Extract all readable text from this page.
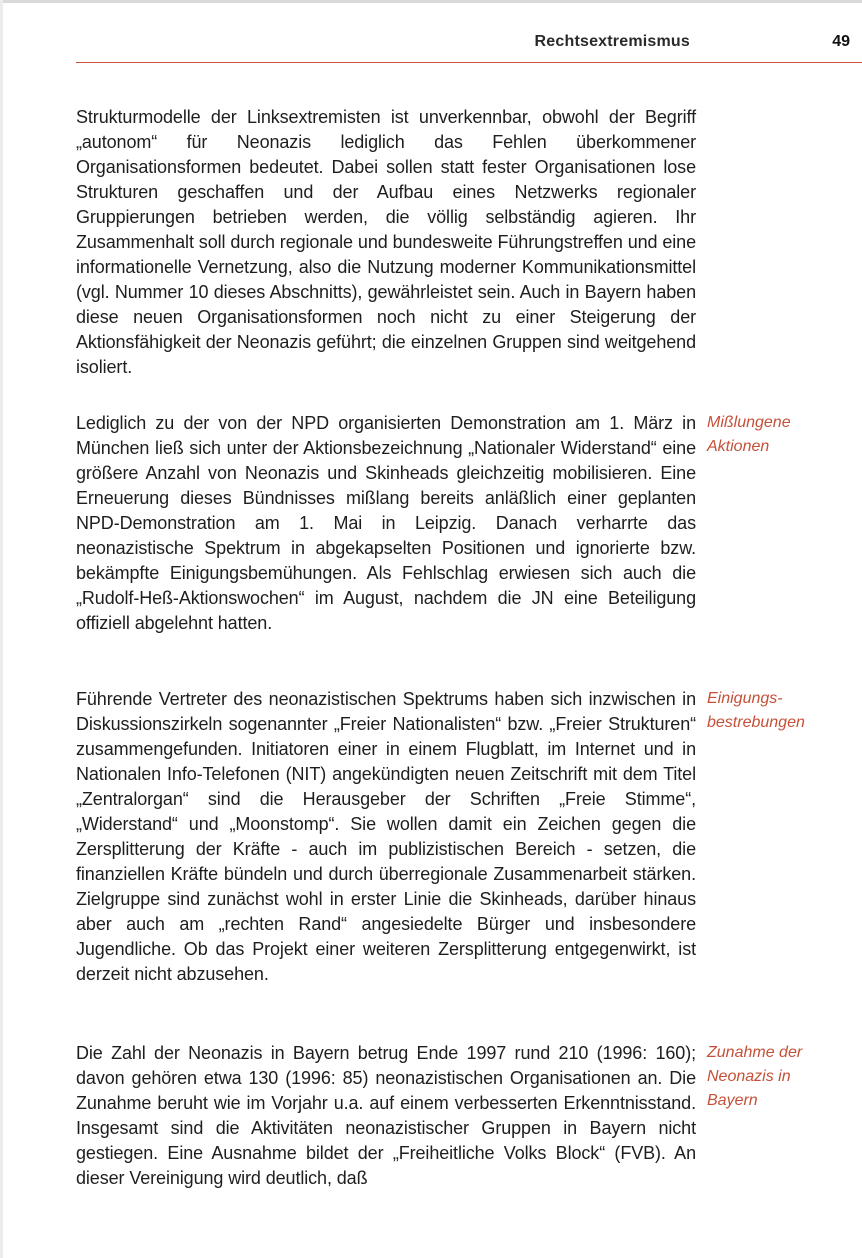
Rechtsextremismus	49

Strukturmodelle der Linksextremisten ist unverkennbar, obwohl der Begriff „autonom“ für Neonazis lediglich das Fehlen überkommener Organisationsformen bedeutet. Dabei sollen statt fester Organisationen lose Strukturen geschaffen und der Aufbau eines Netzwerks regionaler Gruppierungen betrieben werden, die völlig selbständig agieren. Ihr Zusammenhalt soll durch regionale und bundesweite Führungstreffen und eine informationelle Vernetzung, also die Nutzung moderner Kommunikationsmittel (vgl. Nummer 10 dieses Abschnitts), gewährleistet sein. Auch in Bayern haben diese neuen Organisationsformen noch nicht zu einer Steigerung der Aktionsfähigkeit der Neonazis geführt; die einzelnen Gruppen sind weitgehend isoliert.

Lediglich zu der von der NPD organisierten Demonstration am 1. März in München ließ sich unter der Aktionsbezeichnung „Nationaler Widerstand“ eine größere Anzahl von Neonazis und Skinheads gleichzeitig mobilisieren. Eine Erneuerung dieses Bündnisses mißlang bereits anläßlich einer geplanten NPD-Demonstration am 1. Mai in Leipzig. Danach verharrte das neonazistische Spektrum in abgekapselten Positionen und ignorierte bzw. bekämpfte Einigungsbemühungen. Als Fehlschlag erwiesen sich auch die „Rudolf-Heß-Aktionswochen“ im August, nachdem die JN eine Beteiligung offiziell abgelehnt hatten.

Mißlungene
Aktionen

Führende Vertreter des neonazistischen Spektrums haben sich inzwischen in Diskussionszirkeln sogenannter „Freier Nationalisten“ bzw. „Freier Strukturen“ zusammengefunden. Initiatoren einer in einem Flugblatt, im Internet und in Nationalen Info-Telefonen (NIT) angekündigten neuen Zeitschrift mit dem Titel „Zentralorgan“ sind die Herausgeber der Schriften „Freie Stimme“, „Widerstand“ und „Moonstomp“. Sie wollen damit ein Zeichen gegen die Zersplitterung der Kräfte - auch im publizistischen Bereich - setzen, die finanziellen Kräfte bündeln und durch überregionale Zusammenarbeit stärken. Zielgruppe sind zunächst wohl in erster Linie die Skinheads, darüber hinaus aber auch am „rechten Rand“ angesiedelte Bürger und insbesondere Jugendliche. Ob das Projekt einer weiteren Zersplitterung entgegenwirkt, ist derzeit nicht abzusehen.

Einigungs-
bestrebungen

Die Zahl der Neonazis in Bayern betrug Ende 1997 rund 210 (1996: 160); davon gehören etwa 130 (1996: 85) neonazistischen Organisationen an. Die Zunahme beruht wie im Vorjahr u.a. auf einem verbesserten Erkenntnisstand. Insgesamt sind die Aktivitäten neonazistischer Gruppen in Bayern nicht gestiegen. Eine Ausnahme bildet der „Freiheitliche Volks Block“ (FVB). An dieser Vereinigung wird deutlich, daß

Zunahme der
Neonazis in
Bayern
